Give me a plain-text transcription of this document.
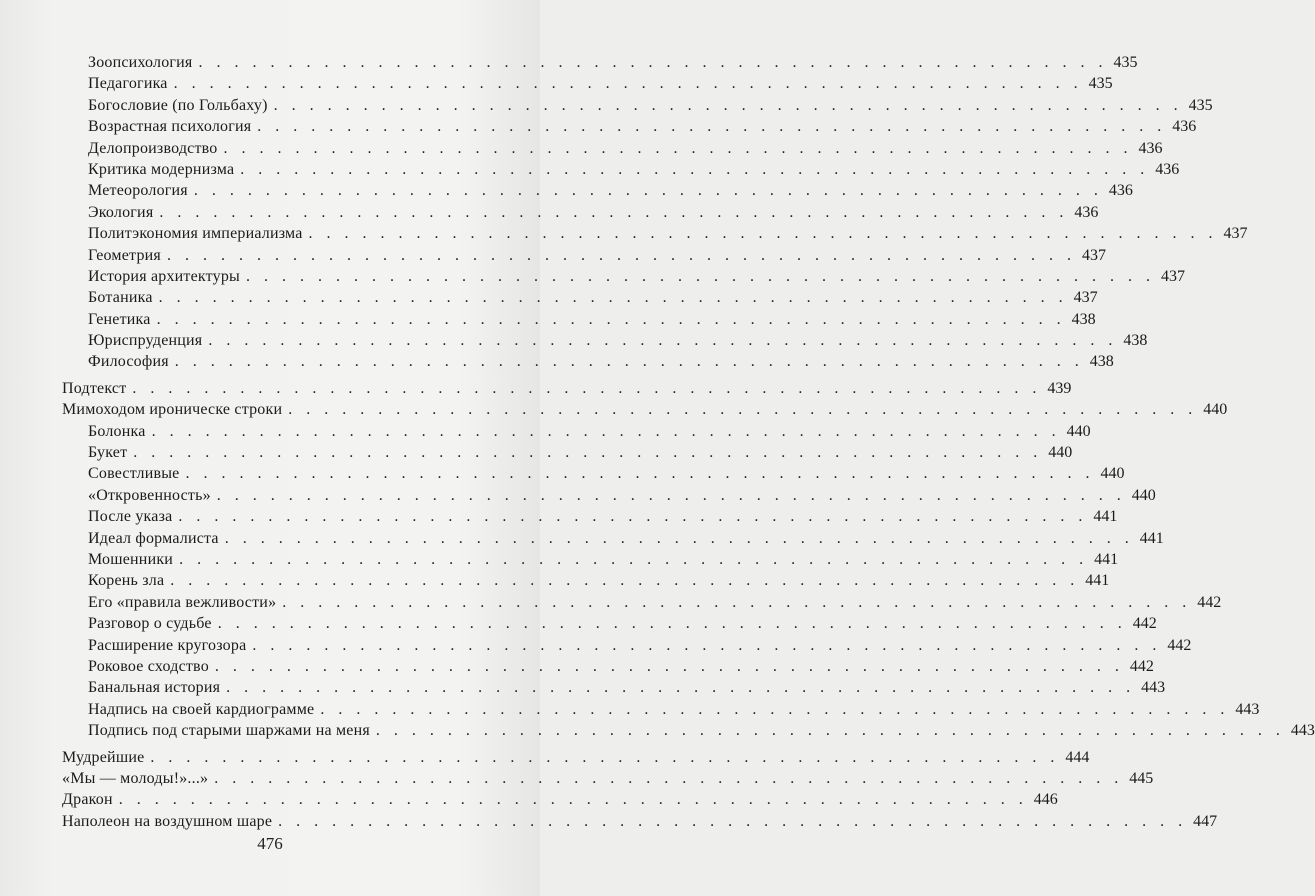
Зоопсихология . . . . . . . . . . . . . . . . . . . . . . . . . . . . . . . . . . . . . . . . . . . . . . . . . . . 435
Педагогика . . . . . . . . . . . . . . . . . . . . . . . . . . . . . . . . . . . . . . . . . . . . . . . . . . . 435
Богословие (по Гольбаху) . . . . . . . . . . . . . . . . . . . . . . . . . . . . . . . . . . . . . . . . . . . . . . . . . . . 435
Возрастная психология . . . . . . . . . . . . . . . . . . . . . . . . . . . . . . . . . . . . . . . . . . . . . . . . . . . 436
Делопроизводство . . . . . . . . . . . . . . . . . . . . . . . . . . . . . . . . . . . . . . . . . . . . . . . . . . . 436
Критика модернизма . . . . . . . . . . . . . . . . . . . . . . . . . . . . . . . . . . . . . . . . . . . . . . . . . . . 436
Метеорология . . . . . . . . . . . . . . . . . . . . . . . . . . . . . . . . . . . . . . . . . . . . . . . . . . . 436
Экология . . . . . . . . . . . . . . . . . . . . . . . . . . . . . . . . . . . . . . . . . . . . . . . . . . . 436
Политэкономия империализма . . . . . . . . . . . . . . . . . . . . . . . . . . . . . . . . . . . . . . . . . . . . . . . . . . . 437
Геометрия . . . . . . . . . . . . . . . . . . . . . . . . . . . . . . . . . . . . . . . . . . . . . . . . . . . 437
История архитектуры . . . . . . . . . . . . . . . . . . . . . . . . . . . . . . . . . . . . . . . . . . . . . . . . . . . 437
Ботаника . . . . . . . . . . . . . . . . . . . . . . . . . . . . . . . . . . . . . . . . . . . . . . . . . . . 437
Генетика . . . . . . . . . . . . . . . . . . . . . . . . . . . . . . . . . . . . . . . . . . . . . . . . . . . 438
Юриспруденция . . . . . . . . . . . . . . . . . . . . . . . . . . . . . . . . . . . . . . . . . . . . . . . . . . . 438
Философия . . . . . . . . . . . . . . . . . . . . . . . . . . . . . . . . . . . . . . . . . . . . . . . . . . . 438
Подтекст . . . . . . . . . . . . . . . . . . . . . . . . . . . . . . . . . . . . . . . . . . . . . . . . . . . 439
Мимоходом ироническе строки . . . . . . . . . . . . . . . . . . . . . . . . . . . . . . . . . . . . . . . . . . . . . . . . . . . 440
Болонка . . . . . . . . . . . . . . . . . . . . . . . . . . . . . . . . . . . . . . . . . . . . . . . . . . . 440
Букет . . . . . . . . . . . . . . . . . . . . . . . . . . . . . . . . . . . . . . . . . . . . . . . . . . . 440
Совестливые . . . . . . . . . . . . . . . . . . . . . . . . . . . . . . . . . . . . . . . . . . . . . . . . . . . 440
«Откровенность» . . . . . . . . . . . . . . . . . . . . . . . . . . . . . . . . . . . . . . . . . . . . . . . . . . . 440
После указа . . . . . . . . . . . . . . . . . . . . . . . . . . . . . . . . . . . . . . . . . . . . . . . . . . . 441
Идеал формалиста . . . . . . . . . . . . . . . . . . . . . . . . . . . . . . . . . . . . . . . . . . . . . . . . . . . 441
Мошенники . . . . . . . . . . . . . . . . . . . . . . . . . . . . . . . . . . . . . . . . . . . . . . . . . . . 441
Корень зла . . . . . . . . . . . . . . . . . . . . . . . . . . . . . . . . . . . . . . . . . . . . . . . . . . . 441
Его «правила вежливости» . . . . . . . . . . . . . . . . . . . . . . . . . . . . . . . . . . . . . . . . . . . . . . . . . . . 442
Разговор о судьбе . . . . . . . . . . . . . . . . . . . . . . . . . . . . . . . . . . . . . . . . . . . . . . . . . . . 442
Расширение кругозора . . . . . . . . . . . . . . . . . . . . . . . . . . . . . . . . . . . . . . . . . . . . . . . . . . . 442
Роковое сходство . . . . . . . . . . . . . . . . . . . . . . . . . . . . . . . . . . . . . . . . . . . . . . . . . . . 442
Банальная история . . . . . . . . . . . . . . . . . . . . . . . . . . . . . . . . . . . . . . . . . . . . . . . . . . . 443
Надпись на своей кардиограмме . . . . . . . . . . . . . . . . . . . . . . . . . . . . . . . . . . . . . . . . . . . . . . . . . . . 443
Подпись под старыми шаржами на меня . . . . . . . . . . . . . . . . . . . . . . . . . . . . . . . . . . . . . . . . . . . . . . . . . . . 443
Мудрейшие . . . . . . . . . . . . . . . . . . . . . . . . . . . . . . . . . . . . . . . . . . . . . . . . . . . 444
«Мы — молоды!»...» . . . . . . . . . . . . . . . . . . . . . . . . . . . . . . . . . . . . . . . . . . . . . . . . . . . 445
Дракон . . . . . . . . . . . . . . . . . . . . . . . . . . . . . . . . . . . . . . . . . . . . . . . . . . . 446
Наполеон на воздушном шаре . . . . . . . . . . . . . . . . . . . . . . . . . . . . . . . . . . . . . . . . . . . . . . . . . . . 447
476
